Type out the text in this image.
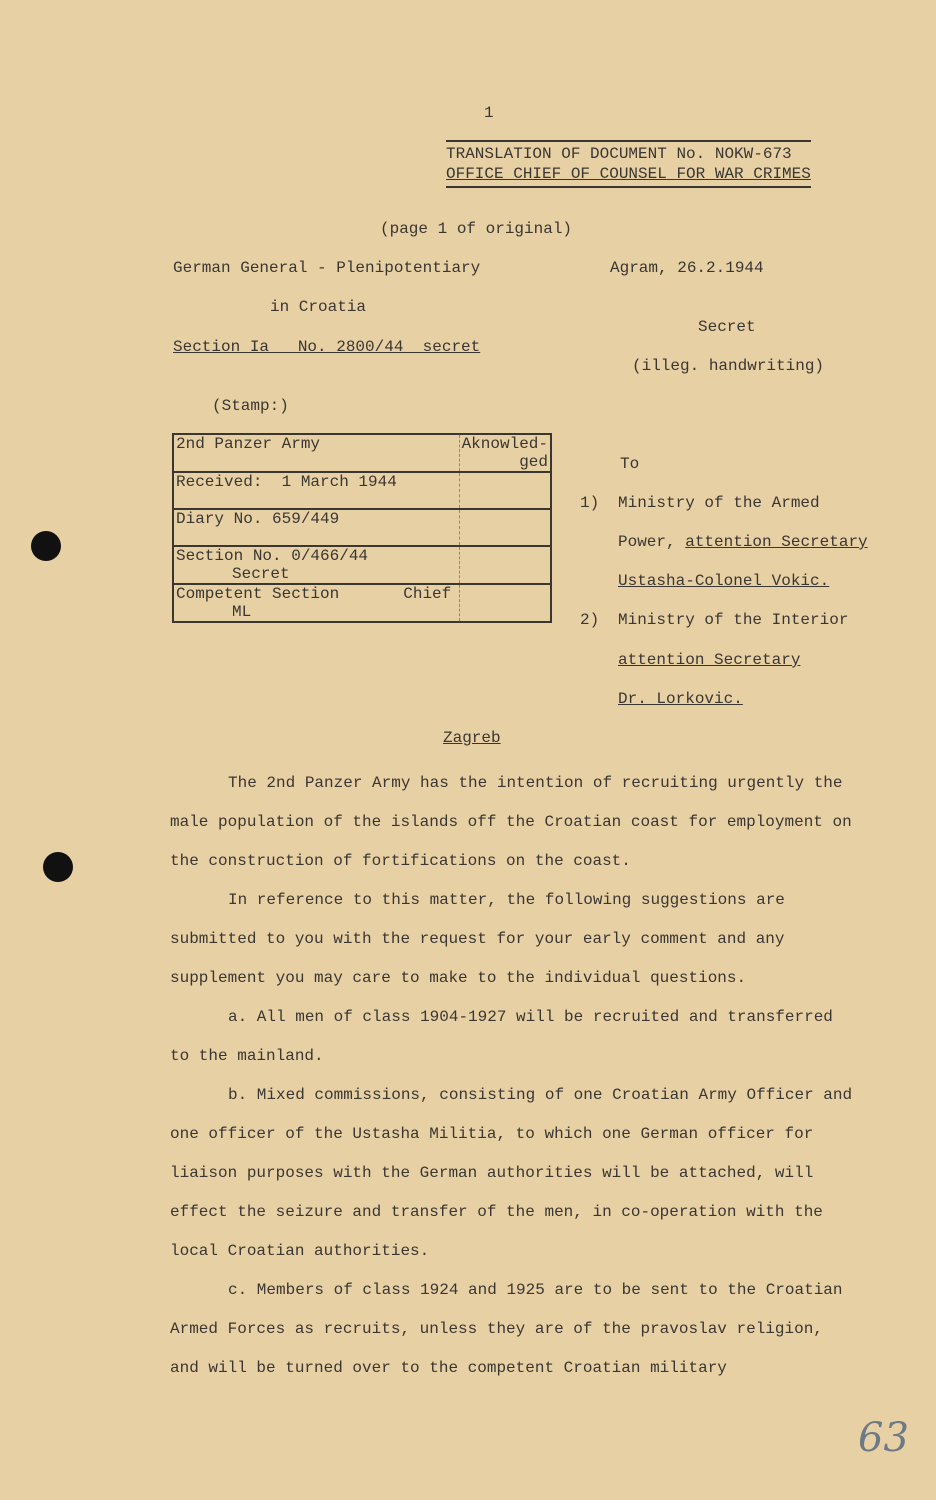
1
TRANSLATION OF DOCUMENT No. NOKW-673
OFFICE CHIEF OF COUNSEL FOR WAR CRIMES
(page 1 of original)
German General - Plenipotentiary
in Croatia
Section Ia   No. 2800/44  secret
Agram, 26.2.1944
Secret
(illeg. handwriting)
(Stamp:)
2nd Panzer Army	Aknowled-ged
Received:  1 March 1944	
Diary No. 659/449	

Section No. 0/466/44
Secret	

Competent Section Chief
ML	

To
1) Ministry of the Armed
Power, attention Secretary
Ustasha-Colonel Vokic.
2) Ministry of the Interior
attention Secretary
Dr. Lorkovic.
Zagreb

The 2nd Panzer Army has the intention of recruiting urgently the male population of the islands off the Croatian coast for employment on the construction of fortifications on the coast.

In reference to this matter, the following suggestions are submitted to you with the request for your early comment and any supplement you may care to make to the individual questions.

a. All men of class 1904-1927 will be recruited and transferred to the mainland.

b. Mixed commissions, consisting of one Croatian Army Officer and one officer of the Ustasha Militia, to which one German officer for liaison purposes with the German authorities will be attached, will effect the seizure and transfer of the men, in co-operation with the local Croatian authorities.

c. Members of class 1924 and 1925 are to be sent to the Croatian Armed Forces as recruits, unless they are of the pravoslav religion, and will be turned over to the competent Croatian military

63
